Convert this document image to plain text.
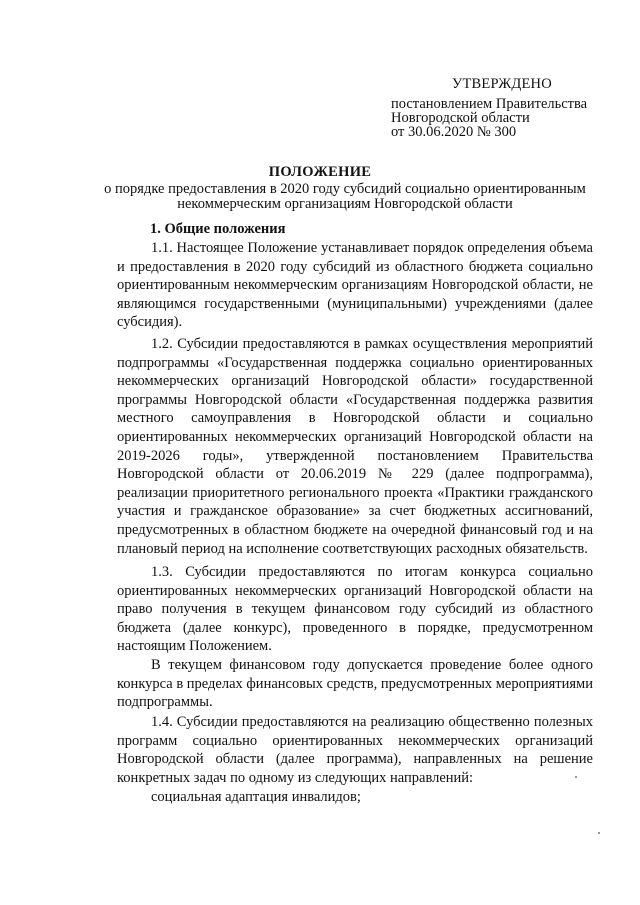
УТВЕРЖДЕНО
постановлением Правительства
Новгородской области
от 30.06.2020 № 300
ПОЛОЖЕНИЕ
о порядке предоставления в 2020 году субсидий социально ориентированным некоммерческим организациям Новгородской области
1. Общие положения

1.1. Настоящее Положение устанавливает порядок определения объема и предоставления в 2020 году субсидий из областного бюджета социально ориентированным некоммерческим организациям Новгородской области, не являющимся государственными (муниципальными) учреждениями (далее субсидия).

1.2. Субсидии предоставляются в рамках осуществления мероприятий подпрограммы «Государственная поддержка социально ориентированных некоммерческих организаций Новгородской области» государственной программы Новгородской области «Государственная поддержка развития местного самоуправления в Новгородской области и социально ориентированных некоммерческих организаций Новгородской области на 2019-2026 годы», утвержденной постановлением Правительства Новгородской области от 20.06.2019 № 229 (далее подпрограмма), реализации приоритетного регионального проекта «Практики гражданского участия и гражданское образование» за счет бюджетных ассигнований, предусмотренных в областном бюджете на очередной финансовый год и на плановый период на исполнение соответствующих расходных обязательств.

1.3. Субсидии предоставляются по итогам конкурса социально ориентированных некоммерческих организаций Новгородской области на право получения в текущем финансовом году субсидий из областного бюджета (далее конкурс), проведенного в порядке, предусмотренном настоящим Положением.

В текущем финансовом году допускается проведение более одного конкурса в пределах финансовых средств, предусмотренных мероприятиями подпрограммы.

1.4. Субсидии предоставляются на реализацию общественно полезных программ социально ориентированных некоммерческих организаций Новгородской области (далее программа), направленных на решение конкретных задач по одному из следующих направлений:

социальная адаптация инвалидов;
